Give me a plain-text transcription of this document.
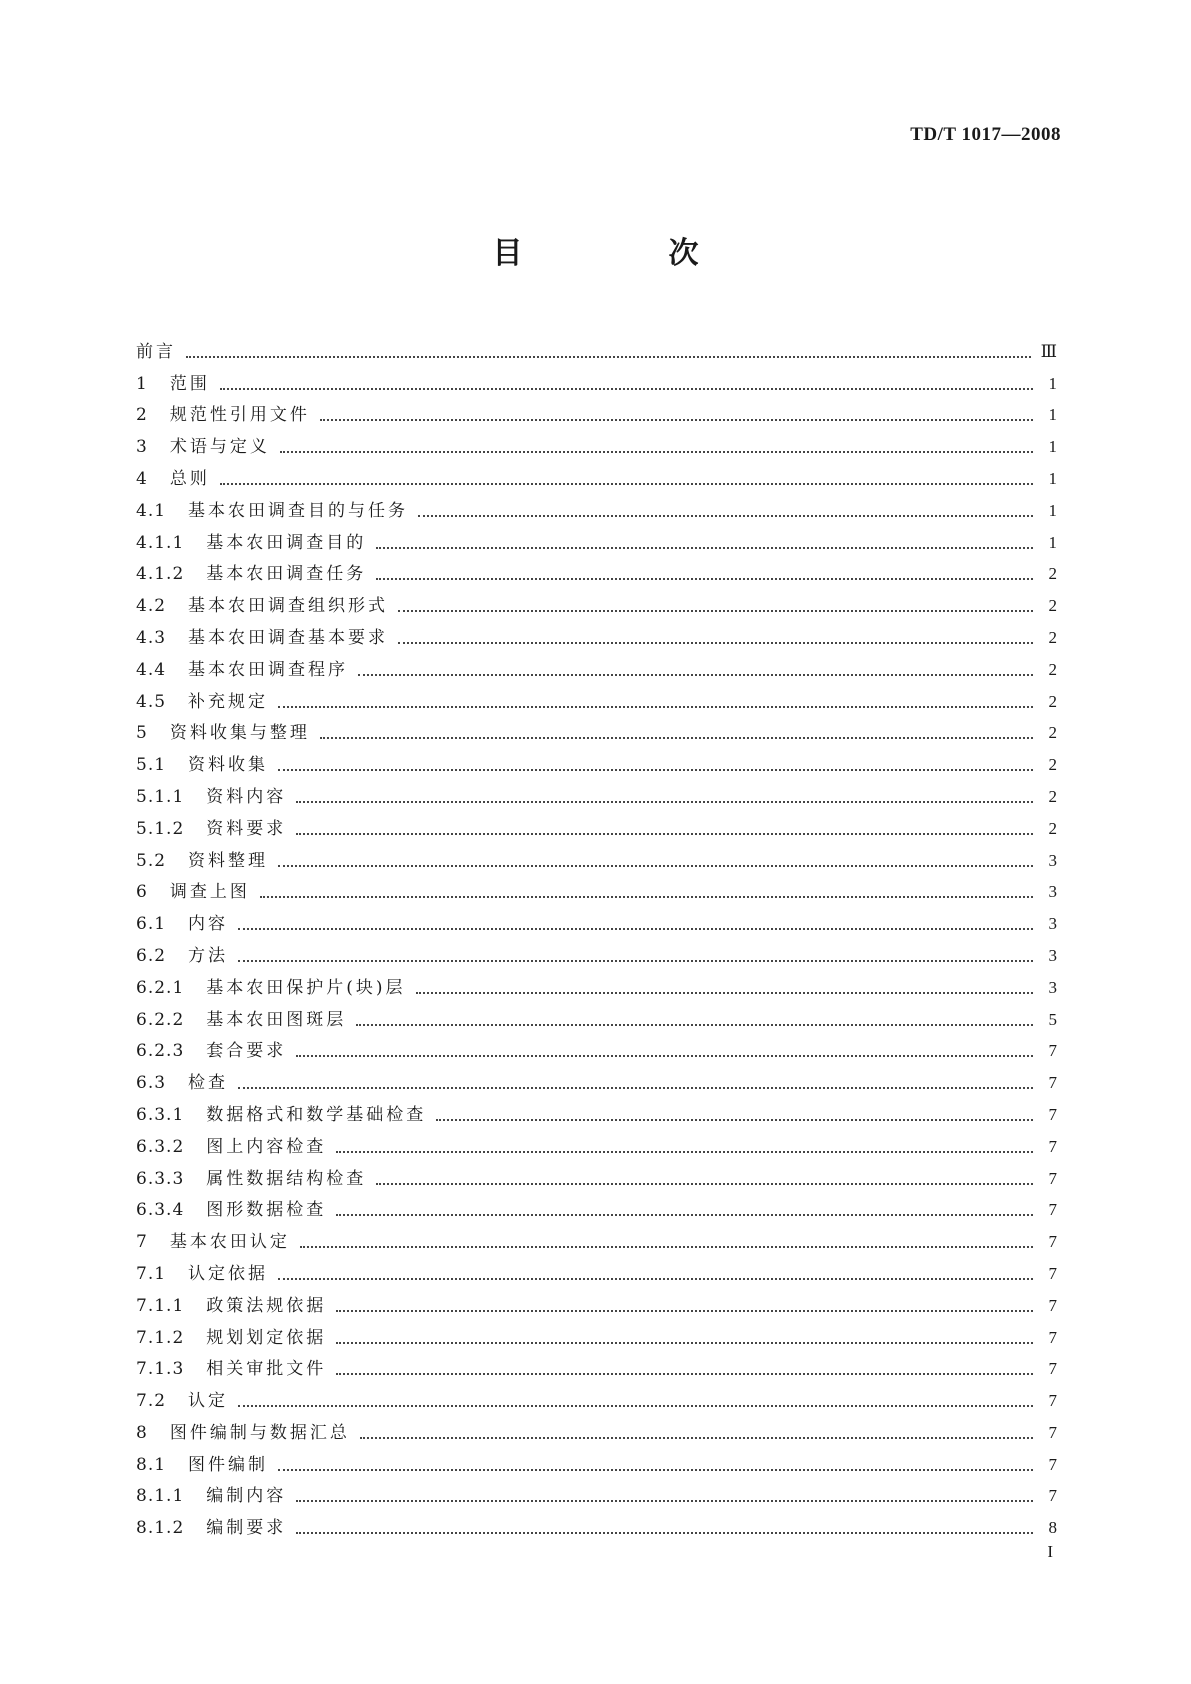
TD/T 1017—2008
目　次
前言	Ⅲ
1 范围	1
2 规范性引用文件	1
3 术语与定义	1
4 总则	1
4.1 基本农田调查目的与任务	1
4.1.1 基本农田调查目的	1
4.1.2 基本农田调查任务	2
4.2 基本农田调查组织形式	2
4.3 基本农田调查基本要求	2
4.4 基本农田调查程序	2
4.5 补充规定	2
5 资料收集与整理	2
5.1 资料收集	2
5.1.1 资料内容	2
5.1.2 资料要求	2
5.2 资料整理	3
6 调查上图	3
6.1 内容	3
6.2 方法	3
6.2.1 基本农田保护片(块)层	3
6.2.2 基本农田图斑层	5
6.2.3 套合要求	7
6.3 检查	7
6.3.1 数据格式和数学基础检查	7
6.3.2 图上内容检查	7
6.3.3 属性数据结构检查	7
6.3.4 图形数据检查	7
7 基本农田认定	7
7.1 认定依据	7
7.1.1 政策法规依据	7
7.1.2 规划划定依据	7
7.1.3 相关审批文件	7
7.2 认定	7
8 图件编制与数据汇总	7
8.1 图件编制	7
8.1.1 编制内容	7
8.1.2 编制要求	8
I
